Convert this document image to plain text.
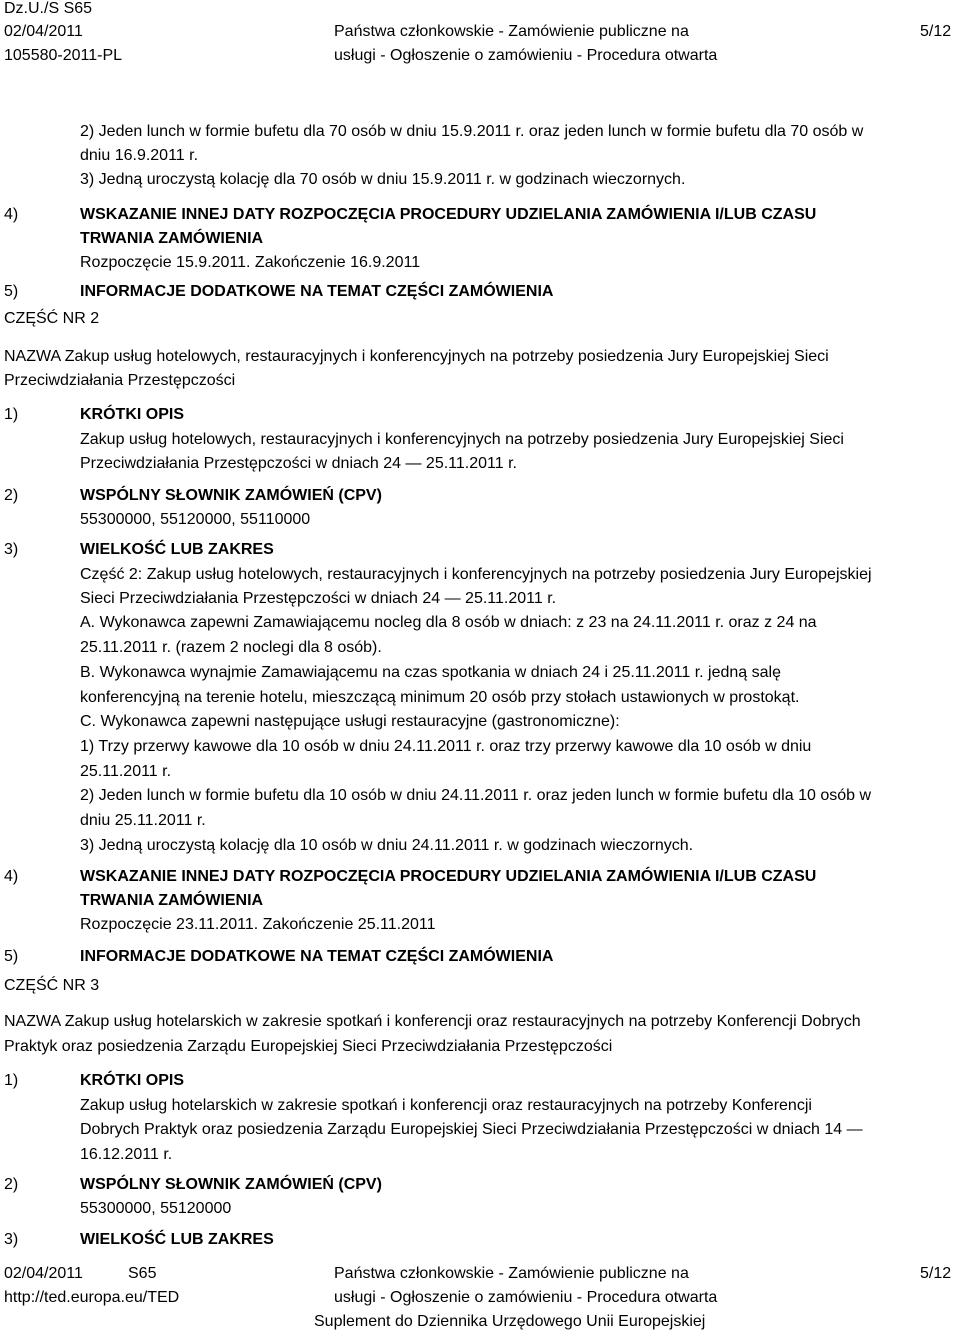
Dz.U./S S65
02/04/2011
105580-2011-PL
Państwa członkowskie - Zamówienie publiczne na
usługi - Ogłoszenie o zamówieniu - Procedura otwarta
5/12
2) Jeden lunch w formie bufetu dla 70 osób w dniu 15.9.2011 r. oraz jeden lunch w formie bufetu dla 70 osób w
dniu 16.9.2011 r.
3) Jedną uroczystą kolację dla 70 osób w dniu 15.9.2011 r. w godzinach wieczornych.
4)	WSKAZANIE INNEJ DATY ROZPOCZĘCIA PROCEDURY UDZIELANIA ZAMÓWIENIA I/LUB CZASU
TRWANIA ZAMÓWIENIA
Rozpoczęcie 15.9.2011. Zakończenie 16.9.2011
5)	INFORMACJE DODATKOWE NA TEMAT CZĘŚCI ZAMÓWIENIA
CZĘŚĆ NR 2
NAZWA Zakup usług hotelowych, restauracyjnych i konferencyjnych na potrzeby posiedzenia Jury Europejskiej Sieci
Przeciwdziałania Przestępczości
1)	KRÓTKI OPIS
Zakup usług hotelowych, restauracyjnych i konferencyjnych na potrzeby posiedzenia Jury Europejskiej Sieci
Przeciwdziałania Przestępczości w dniach 24 — 25.11.2011 r.
2)	WSPÓLNY SŁOWNIK ZAMÓWIEŃ (CPV)
55300000, 55120000, 55110000
3)	WIELKOŚĆ LUB ZAKRES
Część 2: Zakup usług hotelowych, restauracyjnych i konferencyjnych na potrzeby posiedzenia Jury Europejskiej
Sieci Przeciwdziałania Przestępczości w dniach 24 — 25.11.2011 r.
A. Wykonawca zapewni Zamawiającemu nocleg dla 8 osób w dniach: z 23 na 24.11.2011 r. oraz z 24 na
25.11.2011 r. (razem 2 noclegi dla 8 osób).
B. Wykonawca wynajmie Zamawiającemu na czas spotkania w dniach 24 i 25.11.2011 r. jedną salę
konferencyjną na terenie hotelu, mieszczącą minimum 20 osób przy stołach ustawionych w prostokąt.
C. Wykonawca zapewni następujące usługi restauracyjne (gastronomiczne):
1) Trzy przerwy kawowe dla 10 osób w dniu 24.11.2011 r. oraz trzy przerwy kawowe dla 10 osób w dniu
25.11.2011 r.
2) Jeden lunch w formie bufetu dla 10 osób w dniu 24.11.2011 r. oraz jeden lunch w formie bufetu dla 10 osób w
dniu 25.11.2011 r.
3) Jedną uroczystą kolację dla 10 osób w dniu 24.11.2011 r. w godzinach wieczornych.
4)	WSKAZANIE INNEJ DATY ROZPOCZĘCIA PROCEDURY UDZIELANIA ZAMÓWIENIA I/LUB CZASU
TRWANIA ZAMÓWIENIA
Rozpoczęcie 23.11.2011. Zakończenie 25.11.2011
5)	INFORMACJE DODATKOWE NA TEMAT CZĘŚCI ZAMÓWIENIA
CZĘŚĆ NR 3
NAZWA Zakup usług hotelarskich w zakresie spotkań i konferencji oraz restauracyjnych na potrzeby Konferencji Dobrych
Praktyk oraz posiedzenia Zarządu Europejskiej Sieci Przeciwdziałania Przestępczości
1)	KRÓTKI OPIS
Zakup usług hotelarskich w zakresie spotkań i konferencji oraz restauracyjnych na potrzeby Konferencji
Dobrych Praktyk oraz posiedzenia Zarządu Europejskiej Sieci Przeciwdziałania Przestępczości w dniach 14 —
16.12.2011 r.
2)	WSPÓLNY SŁOWNIK ZAMÓWIEŃ (CPV)
55300000, 55120000
3)	WIELKOŚĆ LUB ZAKRES
02/04/2011	S65
http://ted.europa.eu/TED
Państwa członkowskie - Zamówienie publiczne na
usługi - Ogłoszenie o zamówieniu - Procedura otwarta
Suplement do Dziennika Urzędowego Unii Europejskiej
5/12
